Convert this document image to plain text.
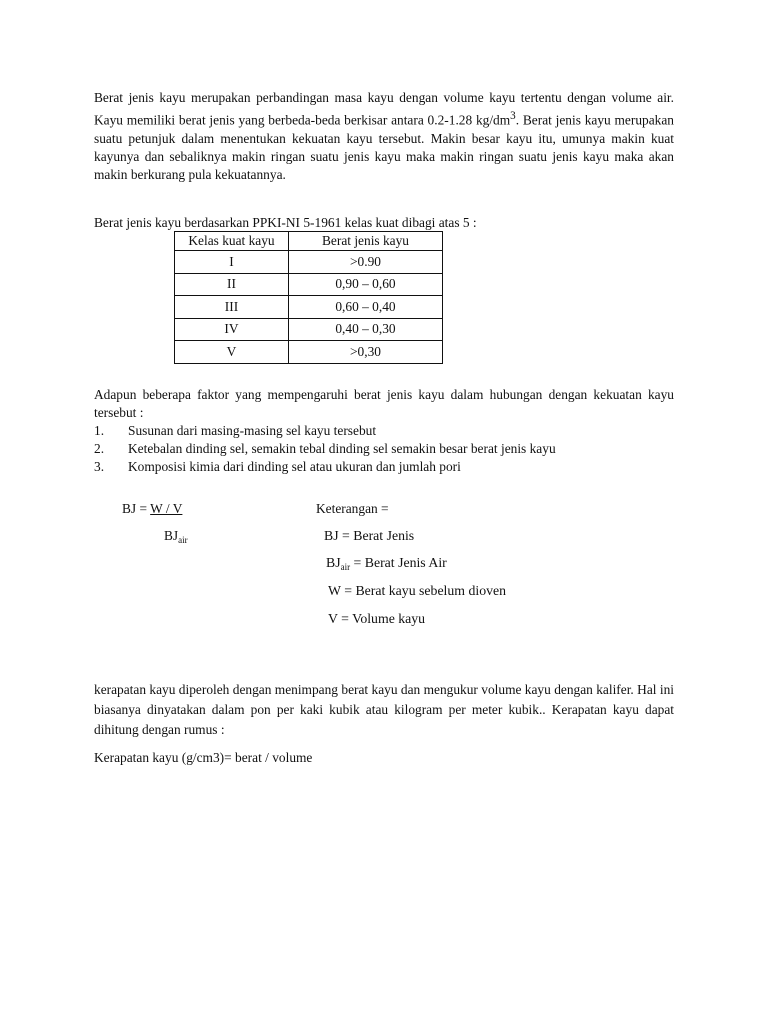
Berat jenis kayu merupakan perbandingan masa kayu dengan volume kayu tertentu dengan volume air. Kayu memiliki berat jenis yang berbeda-beda berkisar antara 0.2-1.28 $kg/dm^3$. Berat jenis kayu merupakan suatu petunjuk dalam menentukan kekuatan kayu tersebut. Makin besar kayu itu, umunya makin kuat kayunya dan sebaliknya makin ringan suatu jenis kayu maka makin ringan suatu jenis kayu maka akan makin berkurang pula kekuatannya.

Berat jenis kayu berdasarkan PPKI-NI 5-1961 kelas kuat dibagi atas 5 :

Kelas kuat kayu	Berat jenis kayu
I	>0.90
II	0,90 – 0,60
III	0,60 – 0,40
IV	0,40 – 0,30
V	>0,30

Adapun beberapa faktor yang mempengaruhi berat jenis kayu dalam hubungan dengan kekuatan kayu tersebut :

1. Susunan dari masing-masing sel kayu tersebut
2. Ketebalan dinding sel, semakin tebal dinding sel semakin besar berat jenis kayu
3. Komposisi kimia dari dinding sel atau ukuran dan jumlah pori
BJ = W / V
$BJ_{air}$
Keterangan =
BJ = Berat Jenis
$BJ_{air}$ = Berat Jenis Air
W = Berat kayu sebelum dioven
V = Volume kayu

kerapatan kayu diperoleh dengan menimpang berat kayu dan mengukur volume kayu dengan kalifer. Hal ini biasanya dinyatakan dalam pon per kaki kubik atau kilogram per meter kubik.. Kerapatan kayu dapat dihitung dengan rumus :

Kerapatan kayu (g/cm3)= berat / volume
